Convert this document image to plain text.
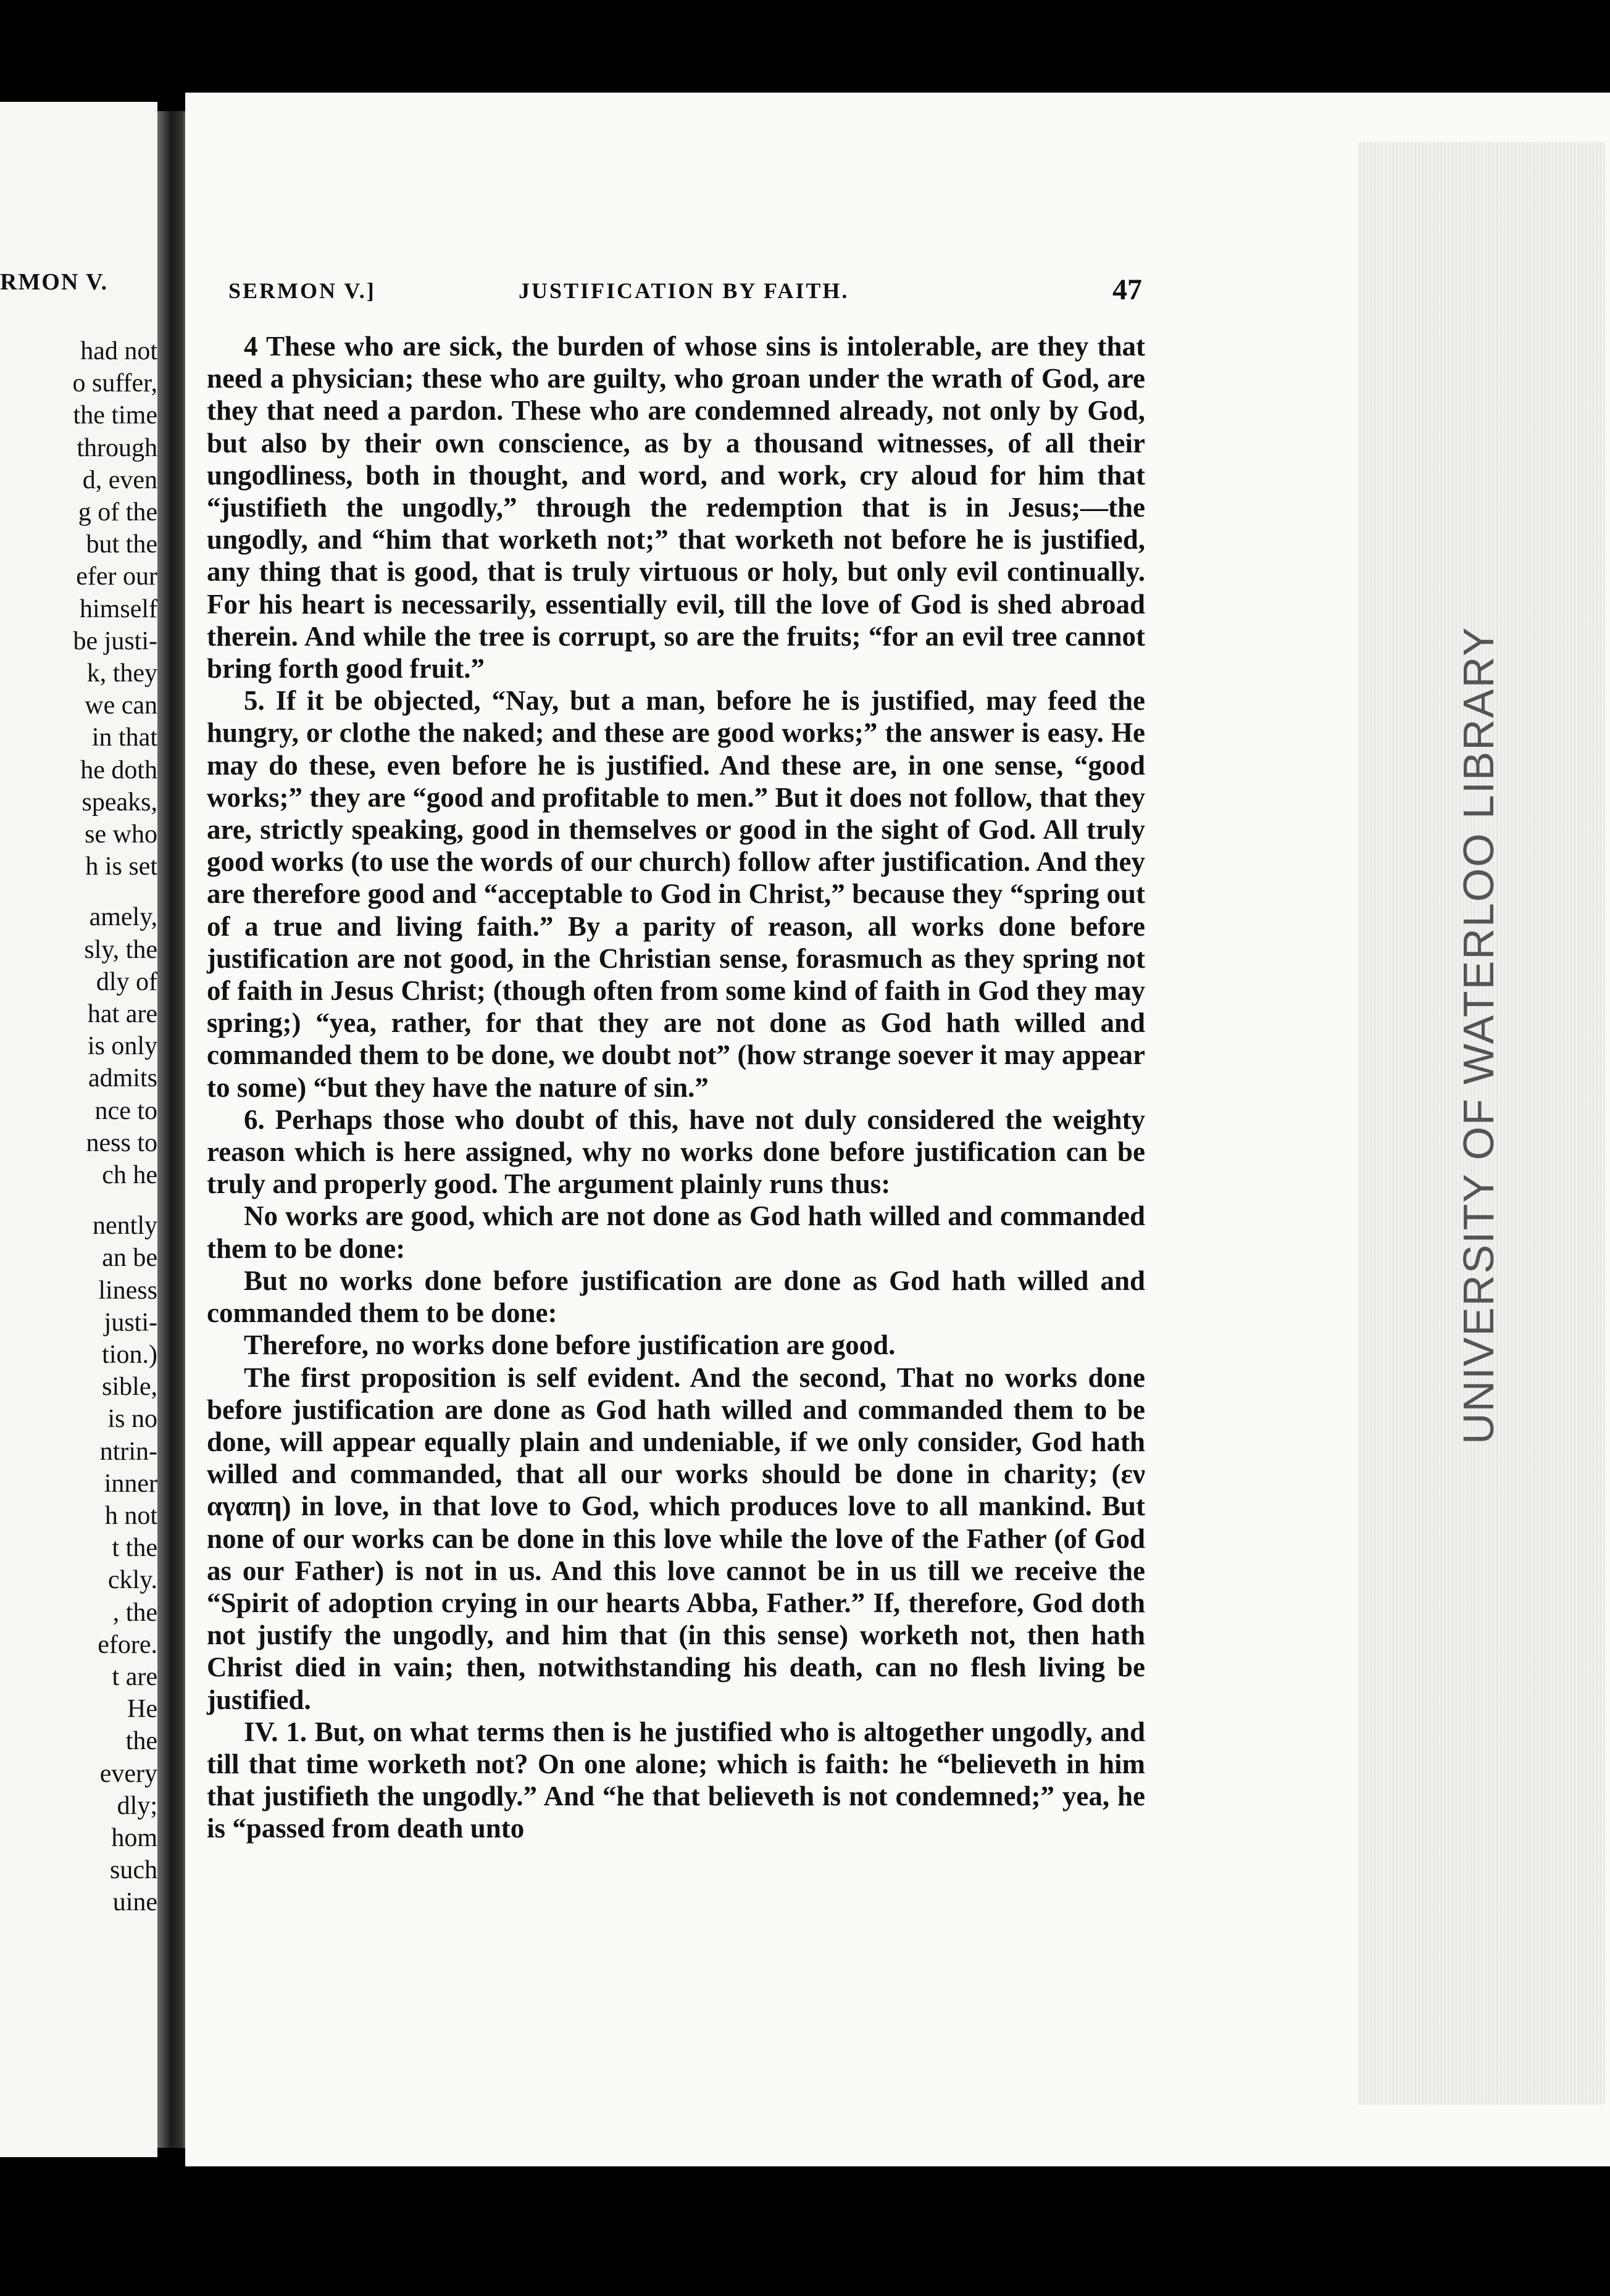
RMON V.
had not
o suffer,
the time
through
d, even
g of the
but the
efer our
himself
be justi-
k, they
we can
in that
he doth
speaks,
se who
h is set
amely,
sly, the
dly of
hat are
is only
admits
nce to
ness to
ch he
nently
an be
liness
justi-
tion.)
sible,
is no
ntrin-
inner
h not
t the
ckly.
, the
efore.
t are
He
the
every
dly;
hom
such
uine
SERMON V.]	JUSTIFICATION BY FAITH.	47

4 These who are sick, the burden of whose sins is intolerable, are they that need a physician; these who are guilty, who groan under the wrath of God, are they that need a pardon. These who are condemned already, not only by God, but also by their own conscience, as by a thousand witnesses, of all their ungodliness, both in thought, and word, and work, cry aloud for him that “justifieth the ungodly,” through the redemption that is in Jesus;—the ungodly, and “him that worketh not;” that worketh not before he is justified, any thing that is good, that is truly virtuous or holy, but only evil continually. For his heart is necessarily, essentially evil, till the love of God is shed abroad therein. And while the tree is corrupt, so are the fruits; “for an evil tree cannot bring forth good fruit.”

5. If it be objected, “Nay, but a man, before he is justified, may feed the hungry, or clothe the naked; and these are good works;” the answer is easy. He may do these, even before he is justified. And these are, in one sense, “good works;” they are “good and profitable to men.” But it does not follow, that they are, strictly speaking, good in themselves or good in the sight of God. All truly good works (to use the words of our church) follow after justification. And they are therefore good and “acceptable to God in Christ,” because they “spring out of a true and living faith.” By a parity of reason, all works done before justification are not good, in the Christian sense, forasmuch as they spring not of faith in Jesus Christ; (though often from some kind of faith in God they may spring;) “yea, rather, for that they are not done as God hath willed and commanded them to be done, we doubt not” (how strange soever it may appear to some) “but they have the nature of sin.”

6. Perhaps those who doubt of this, have not duly considered the weighty reason which is here assigned, why no works done before justification can be truly and properly good. The argument plainly runs thus:

No works are good, which are not done as God hath willed and commanded them to be done:

But no works done before justification are done as God hath willed and commanded them to be done:

Therefore, no works done before justification are good.

The first proposition is self evident. And the second, That no works done before justification are done as God hath willed and commanded them to be done, will appear equally plain and undeniable, if we only consider, God hath willed and commanded, that all our works should be done in charity; (εν αγαπη) in love, in that love to God, which produces love to all mankind. But none of our works can be done in this love while the love of the Father (of God as our Father) is not in us. And this love cannot be in us till we receive the “Spirit of adoption crying in our hearts Abba, Father.” If, therefore, God doth not justify the ungodly, and him that (in this sense) worketh not, then hath Christ died in vain; then, notwithstanding his death, can no flesh living be justified.

IV. 1. But, on what terms then is he justified who is altogether ungodly, and till that time worketh not? On one alone; which is faith: he “believeth in him that justifieth the ungodly.” And “he that believeth is not condemned;” yea, he is “passed from death unto

UNIVERSITY OF WATERLOO LIBRARY
